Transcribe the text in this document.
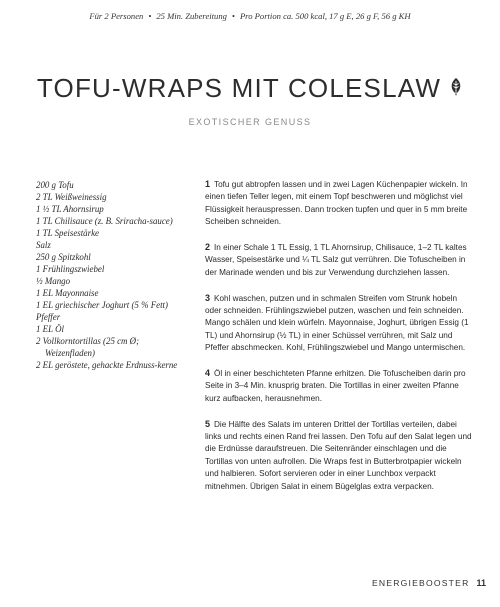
Für 2 Personen • 25 Min. Zubereitung • Pro Portion ca. 500 kcal, 17 g E, 26 g F, 56 g KH
TOFU-WRAPS MIT COLESLAW
EXOTISCHER GENUSS
200 g Tofu
2 TL Weißweinessig
1 ½ TL Ahornsirup
1 TL Chilisauce (z. B. Sriracha-sauce)
1 TL Speisestärke
Salz
250 g Spitzkohl
1 Frühlingszwiebel
½ Mango
1 EL Mayonnaise
1 EL griechischer Joghurt (5 % Fett)
Pfeffer
1 EL Öl
2 Vollkorntortillas (25 cm Ø; Weizenfladen)
2 EL geröstete, gehackte Erdnuss-kerne

1 Tofu gut abtropfen lassen und in zwei Lagen Küchenpapier wickeln. In einen tiefen Teller legen, mit einem Topf beschweren und möglichst viel Flüssigkeit herauspressen. Dann trocken tupfen und quer in 5 mm breite Scheiben schneiden.

2 In einer Schale 1 TL Essig, 1 TL Ahornsirup, Chilisauce, 1–2 TL kaltes Wasser, Speisestärke und ¼ TL Salz gut verrühren. Die Tofuscheiben in der Marinade wenden und bis zur Verwendung durchziehen lassen.

3 Kohl waschen, putzen und in schmalen Streifen vom Strunk hobeln oder schneiden. Frühlingszwiebel putzen, waschen und fein schneiden. Mango schälen und klein würfeln. Mayonnaise, Joghurt, übrigen Essig (1 TL) und Ahornsirup (½ TL) in einer Schüssel verrühren, mit Salz und Pfeffer abschmecken. Kohl, Frühlingszwiebel und Mango untermischen.

4 Öl in einer beschichteten Pfanne erhitzen. Die Tofuscheiben darin pro Seite in 3–4 Min. knusprig braten. Die Tortillas in einer zweiten Pfanne kurz aufbacken, herausnehmen.

5 Die Hälfte des Salats im unteren Drittel der Tortillas verteilen, dabei links und rechts einen Rand frei lassen. Den Tofu auf den Salat legen und die Erdnüsse daraufstreuen. Die Seitenränder einschlagen und die Tortillas von unten aufrollen. Die Wraps fest in Butterbrotpapier wickeln und halbieren. Sofort servieren oder in einer Lunchbox verpackt mitnehmen. Übrigen Salat in einem Bügelglas extra verpacken.

ENERGIEBOOSTER 11
